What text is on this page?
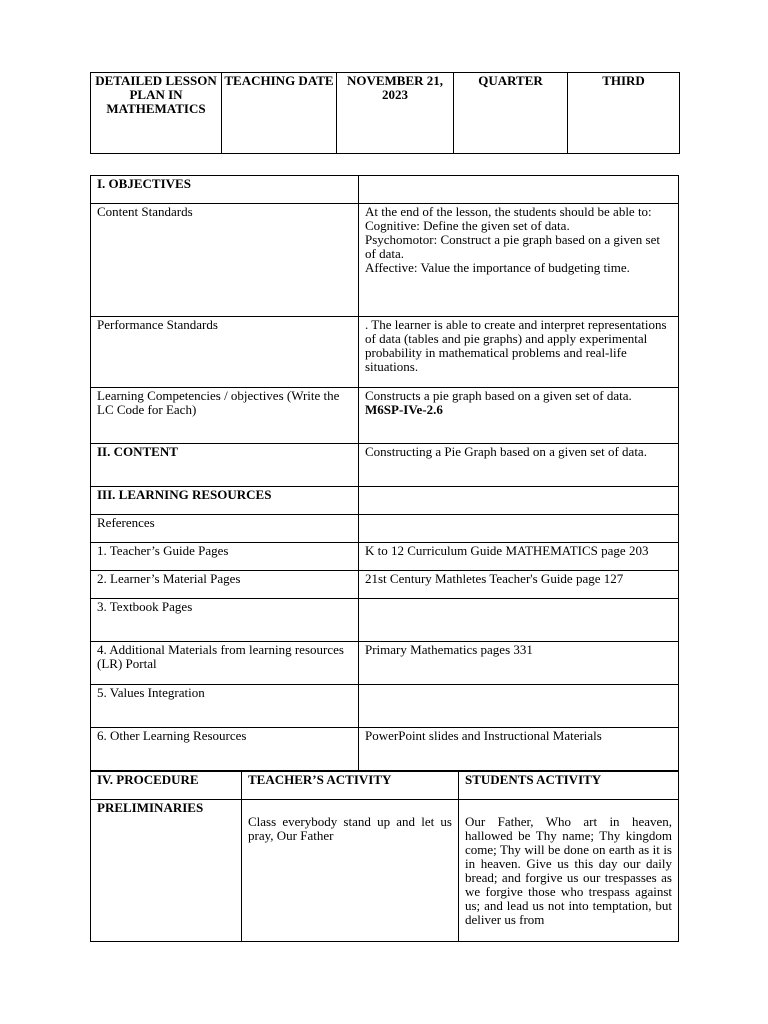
DETAILED LESSON PLAN IN MATHEMATICS	TEACHING DATE	NOVEMBER 21, 2023	QUARTER	THIRD
I. OBJECTIVES	
Content Standards	At the end of the lesson, the students should be able to:
Cognitive: Define the given set of data.
Psychomotor: Construct a pie graph based on a given set of data.
Affective: Value the importance of budgeting time.

Performance Standards	. The learner is able to create and interpret representations of data (tables and pie graphs) and apply experimental probability in mathematical problems and real-life situations.
Learning Competencies / objectives (Write the LC Code for Each)	Constructs a pie graph based on a given set of data. M6SP-IVe-2.6
II. CONTENT	Constructing a Pie Graph based on a given set of data.
III. LEARNING RESOURCES	
References	
1. Teacher’s Guide Pages	K to 12 Curriculum Guide MATHEMATICS page 203
2. Learner’s Material Pages	21st Century Mathletes Teacher's Guide page 127
3. Textbook Pages	
4. Additional Materials from learning resources (LR) Portal	Primary Mathematics pages 331
5. Values Integration	
6. Other Learning Resources	PowerPoint slides and Instructional Materials
IV. PROCEDURE	TEACHER’S ACTIVITY	STUDENTS ACTIVITY
PRELIMINARIES	Class everybody stand up and let us pray, Our Father	Our Father, Who art in heaven, hallowed be Thy name; Thy kingdom come; Thy will be done on earth as it is in heaven. Give us this day our daily bread; and forgive us our trespasses as we forgive those who trespass against us; and lead us not into temptation, but deliver us from
